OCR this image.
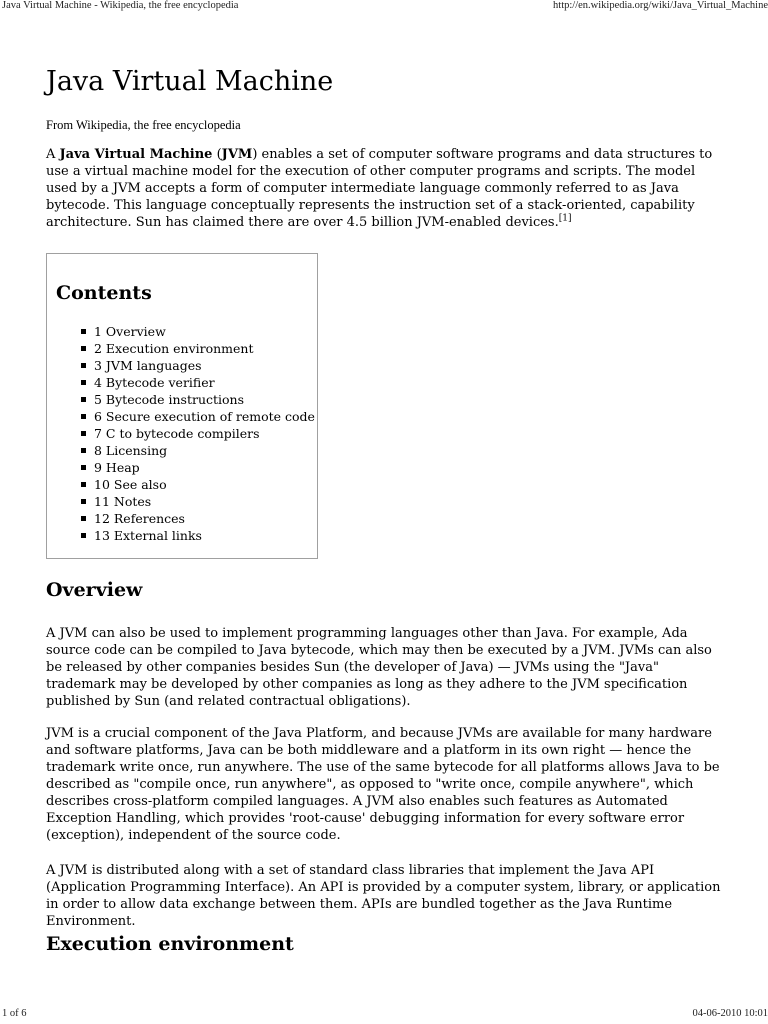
Java Virtual Machine - Wikipedia, the free encyclopedia	http://en.wikipedia.org/wiki/Java_Virtual_Machine
Java Virtual Machine
From Wikipedia, the free encyclopedia

A Java Virtual Machine (JVM) enables a set of computer software programs and data structures to use a virtual machine model for the execution of other computer programs and scripts. The model used by a JVM accepts a form of computer intermediate language commonly referred to as Java bytecode. This language conceptually represents the instruction set of a stack-oriented, capability architecture. Sun has claimed there are over 4.5 billion JVM-enabled devices.[1]

Contents
1 Overview
2 Execution environment
3 JVM languages
4 Bytecode verifier
5 Bytecode instructions
6 Secure execution of remote code
7 C to bytecode compilers
8 Licensing
9 Heap
10 See also
11 Notes
12 References
13 External links
Overview

A JVM can also be used to implement programming languages other than Java. For example, Ada source code can be compiled to Java bytecode, which may then be executed by a JVM. JVMs can also be released by other companies besides Sun (the developer of Java) — JVMs using the "Java" trademark may be developed by other companies as long as they adhere to the JVM specification published by Sun (and related contractual obligations).

JVM is a crucial component of the Java Platform, and because JVMs are available for many hardware and software platforms, Java can be both middleware and a platform in its own right — hence the trademark write once, run anywhere. The use of the same bytecode for all platforms allows Java to be described as "compile once, run anywhere", as opposed to "write once, compile anywhere", which describes cross-platform compiled languages. A JVM also enables such features as Automated Exception Handling, which provides 'root-cause' debugging information for every software error (exception), independent of the source code.

A JVM is distributed along with a set of standard class libraries that implement the Java API (Application Programming Interface). An API is provided by a computer system, library, or application in order to allow data exchange between them. APIs are bundled together as the Java Runtime Environment.

Execution environment
1 of 6	04-06-2010 10:01
